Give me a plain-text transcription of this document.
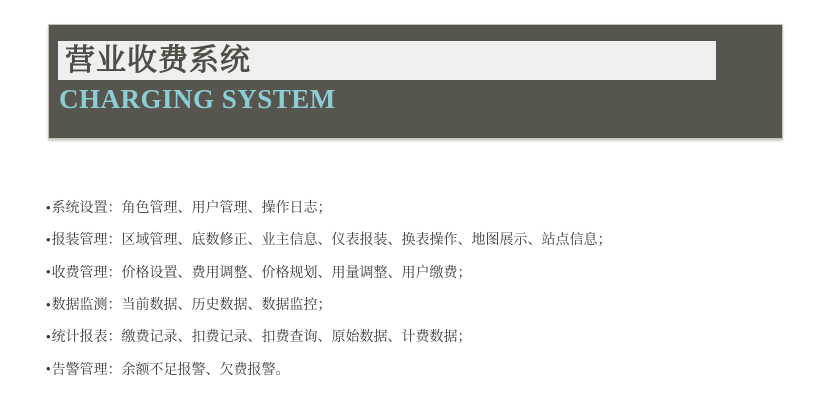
营业收费系统
CHARGING SYSTEM
• 系统设置：角色管理、用户管理、操作日志；
• 报装管理：区域管理、底数修正、业主信息、仪表报装、换表操作、地图展示、站点信息；
• 收费管理：价格设置、费用调整、价格规划、用量调整、用户缴费；
• 数据监测：当前数据、历史数据、数据监控；
• 统计报表：缴费记录、扣费记录、扣费查询、原始数据、计费数据；
• 告警管理：余额不足报警、欠费报警。
